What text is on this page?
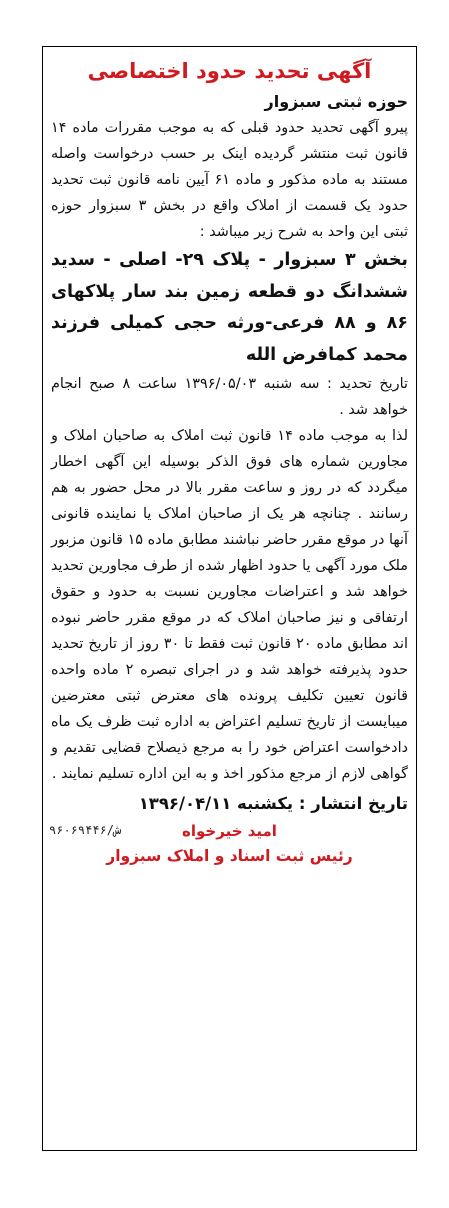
آگهی تحدید حدود اختصاصی

حوزه ثبتی سبزوار

پیرو آگهی تحدید حدود قبلی که به موجب مقررات ماده ۱۴ قانون ثبت منتشر گردیده اینک بر حسب درخواست واصله مستند به ماده مذکور و ماده ۶۱ آیین نامه قانون ثبت تحدید حدود یک قسمت از املاک واقع در بخش ۳ سبزوار حوزه ثبتی این واحد به شرح زیر میباشد :

بخش ۳ سبزوار - پلاک ۲۹- اصلی - سدید ششدانگ دو قطعه زمین بند سار پلاکهای ۸۶ و ۸۸ فرعی-ورثه حجی کمیلی فرزند محمد کمافرض الله

تاریخ تحدید : سه شنبه ۱۳۹۶/۰۵/۰۳ ساعت ۸ صبح انجام خواهد شد .

لذا به موجب ماده ۱۴ قانون ثبت املاک به صاحبان املاک و مجاورین شماره های فوق الذکر بوسیله این آگهی اخطار میگردد که در روز و ساعت مقرر بالا در محل حضور به هم رسانند . چنانچه هر یک از صاحبان املاک یا نماینده قانونی آنها در موقع مقرر حاضر نباشند مطابق ماده ۱۵ قانون مزبور ملک مورد آگهی یا حدود اظهار شده از طرف مجاورین تحدید خواهد شد و اعتراضات مجاورین نسبت به حدود و حقوق ارتفاقی و نیز صاحبان املاک که در موقع مقرر حاضر نبوده اند مطابق ماده ۲۰ قانون ثبت فقط تا ۳۰ روز از تاریخ تحدید حدود پذیرفته خواهد شد و در اجرای تبصره ۲ ماده واحده قانون تعیین تکلیف پرونده های معترض ثبتی معترضین میبایست از تاریخ تسلیم اعتراض به اداره ثبت ظرف یک ماه دادخواست اعتراض خود را به مرجع ذیصلاح قضایی تقدیم و گواهی لازم از مرجع مذکور اخذ و به این اداره تسلیم نمایند .

تاریخ انتشار : یکشنبه ۱۳۹۶/۰۴/۱۱

۹۶۰۶۹۴۴۶/ش	امید خیرخواه

رئیس ثبت اسناد و املاک سبزوار
